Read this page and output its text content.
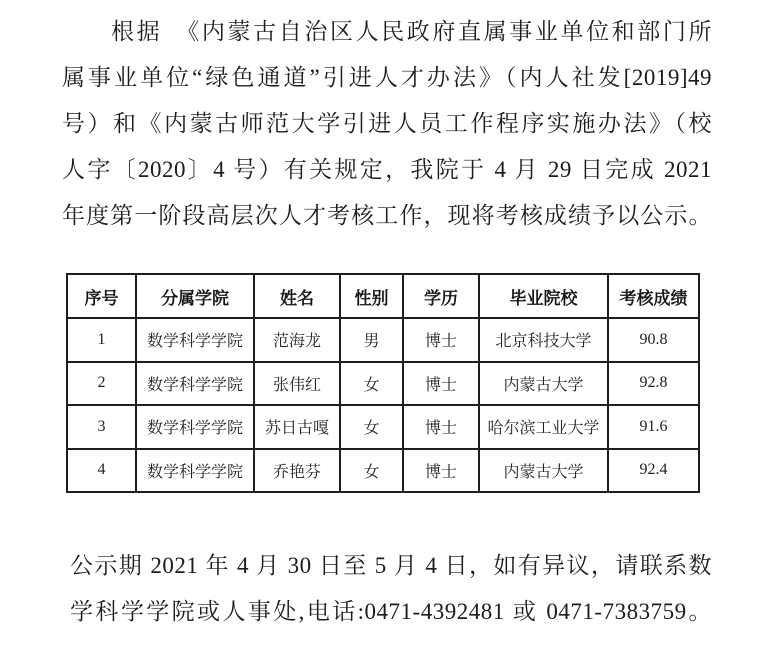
根据　《内蒙古自治区人民政府直属事业单位和部门所
属事业单位“绿色通道”引进人才办法》（内人社发[2019]49
号）和《内蒙古师范大学引进人员工作程序实施办法》（校
人字〔2020〕4 号）有关规定，我院于 4 月 29 日完成 2021
年度第一阶段高层次人才考核工作，现将考核成绩予以公示。
序号	分属学院	姓名	性别	学历	毕业院校	考核成绩
1	数学科学学院	范海龙	男	博士	北京科技大学	90.8
2	数学科学学院	张伟红	女	博士	内蒙古大学	92.8
3	数学科学学院	苏日古嘎	女	博士	哈尔滨工业大学	91.6
4	数学科学学院	乔艳芬	女	博士	内蒙古大学	92.4
公示期 2021 年 4 月 30 日至 5 月 4 日，如有异议，请联系数
学科学学院或人事处,电话:0471-4392481 或 0471-7383759。
